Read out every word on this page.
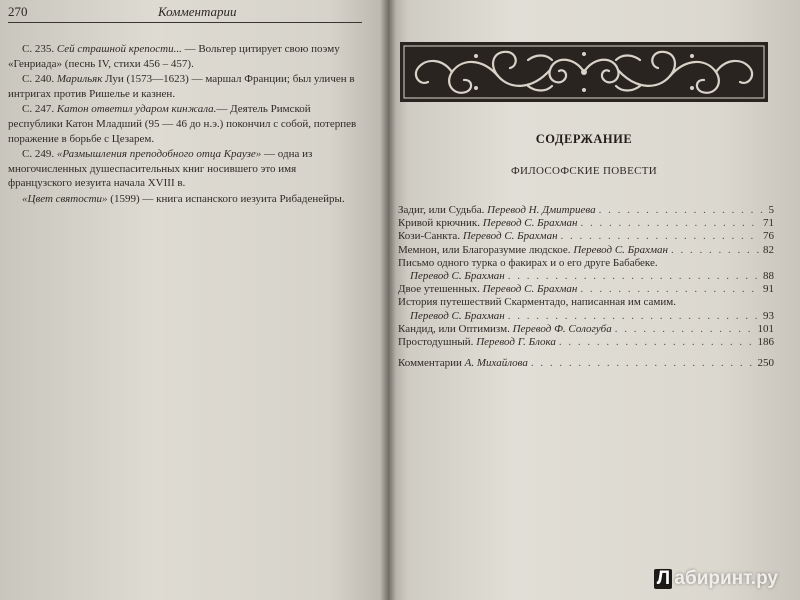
270	Комментарии

С. 235. Сей страшной крепости... — Вольтер цитирует свою поэму «Генриада» (песнь IV, стихи 456 – 457).

С. 240. Марильяк Луи (1573—1623) — маршал Франции; был уличен в интригах против Ришелье и казнен.

С. 247. Катон ответил ударом кинжала.— Деятель Римской республики Катон Младший (95 — 46 до н.э.) покончил с собой, потерпев поражение в борьбе с Цезарем.

С. 249. «Размышления преподобного отца Краузе» — одна из многочисленных душеспасительных книг носившего это имя французского иезуита начала XVIII в.

«Цвет святости» (1599) — книга испанского иезуита Рибаденейры.

СОДЕРЖАНИЕ
ФИЛОСОФСКИЕ ПОВЕСТИ
Задиг, или Судьба. Перевод Н. Дмитриева . . .	5
Кривой крючник. Перевод С. Брахман . . .	71
Кози-Санкта. Перевод С. Брахман . . .	76
Мемнон, или Благоразумие людское. Перевод С. Брахман . . .	82
Письмо одного турка о факирах и о его друге Бабабеке.
Перевод С. Брахман . . .	88
Двое утешенных. Перевод С. Брахман . . .	91
История путешествий Скарментадо, написанная им самим.
Перевод С. Брахман . . .	93
Кандид, или Оптимизм. Перевод Ф. Сологуба . . .	101
Простодушный. Перевод Г. Блока . . .	186
Комментарии А. Михайлова . . .	250
Л абиринт.ру
